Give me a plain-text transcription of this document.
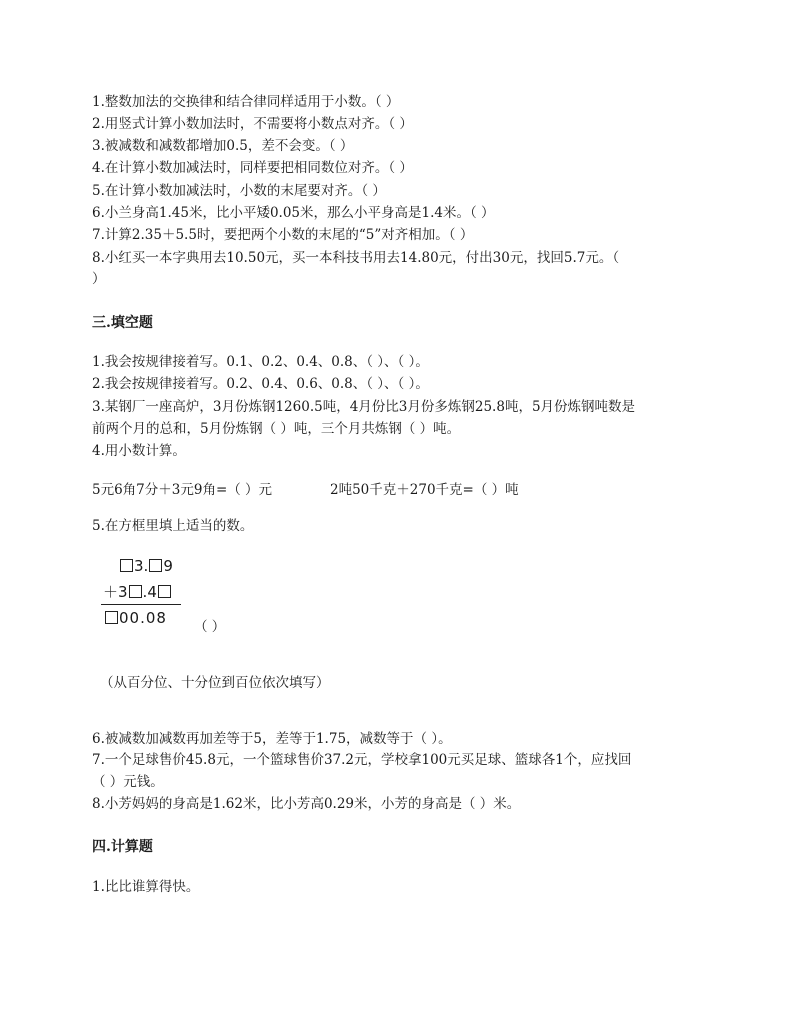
1.整数加法的交换律和结合律同样适用于小数。（ ）
2.用竖式计算小数加法时，不需要将小数点对齐。（ ）
3.被减数和减数都增加0.5，差不会变。（ ）
4.在计算小数加减法时，同样要把相同数位对齐。（ ）
5.在计算小数加减法时，小数的末尾要对齐。（ ）
6.小兰身高1.45米，比小平矮0.05米，那么小平身高是1.4米。（ ）
7.计算2.35＋5.5时，要把两个小数的末尾的“5”对齐相加。（ ）
8.小红买一本字典用去10.50元，买一本科技书用去14.80元，付出30元，找回5.7元。（
）
三.填空题
1.我会按规律接着写。0.1、0.2、0.4、0.8、（ ）、（ ）。
2.我会按规律接着写。0.2、0.4、0.6、0.8、（ ）、（ ）。
3.某钢厂一座高炉，3月份炼钢1260.5吨，4月份比3月份多炼钢25.8吨，5月份炼钢吨数是
前两个月的总和，5月份炼钢（ ）吨，三个月共炼钢（ ）吨。
4.用小数计算。
5元6角7分＋3元9角=（ ）元	2吨50千克＋270千克=（ ）吨
5.在方框里填上适当的数。
3. 9
＋3 .4
00.08 （ ）
（从百分位、十分位到百位依次填写）
6.被减数加减数再加差等于5，差等于1.75，减数等于（ ）。
7.一个足球售价45.8元，一个篮球售价37.2元，学校拿100元买足球、篮球各1个，应找回
（ ）元钱。
8.小芳妈妈的身高是1.62米，比小芳高0.29米，小芳的身高是（ ）米。
四.计算题
1.比比谁算得快。
